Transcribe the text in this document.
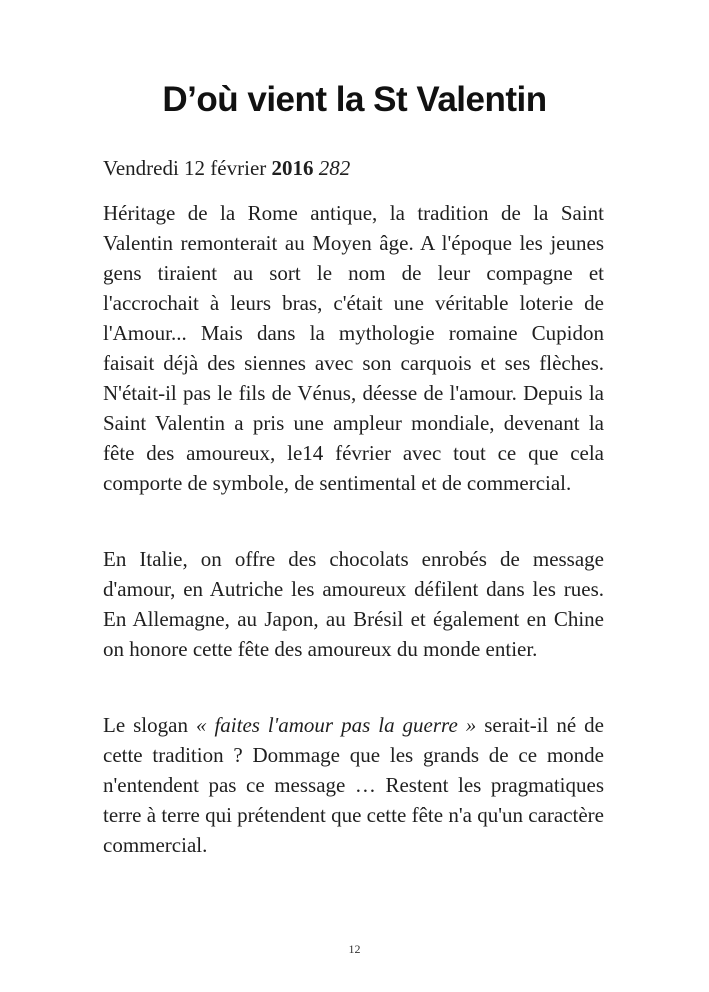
D’où vient la St Valentin

Vendredi 12 février 2016 282

Héritage de la Rome antique, la tradition de la Saint Valentin remonterait au Moyen âge. A l'époque les jeunes gens tiraient au sort le nom de leur compagne et l'accrochait à leurs bras, c'était une véritable loterie de l'Amour... Mais dans la mythologie romaine Cupidon faisait déjà des siennes avec son carquois et ses flèches. N'était-il pas le fils de Vénus, déesse de l'amour. Depuis la Saint Valentin a pris une ampleur mondiale, devenant la fête des amoureux, le14 février avec tout ce que cela comporte de symbole, de sentimental et de commercial.

En Italie, on offre des chocolats enrobés de message d'amour, en Autriche les amoureux défilent dans les rues. En Allemagne, au Japon, au Brésil et également en Chine on honore cette fête des amoureux du monde entier.

Le slogan « faites l'amour pas la guerre » serait-il né de cette tradition ? Dommage que les grands de ce monde n'entendent pas ce message … Restent les pragmatiques terre à terre qui prétendent que cette fête n'a qu'un caractère commercial.

12
